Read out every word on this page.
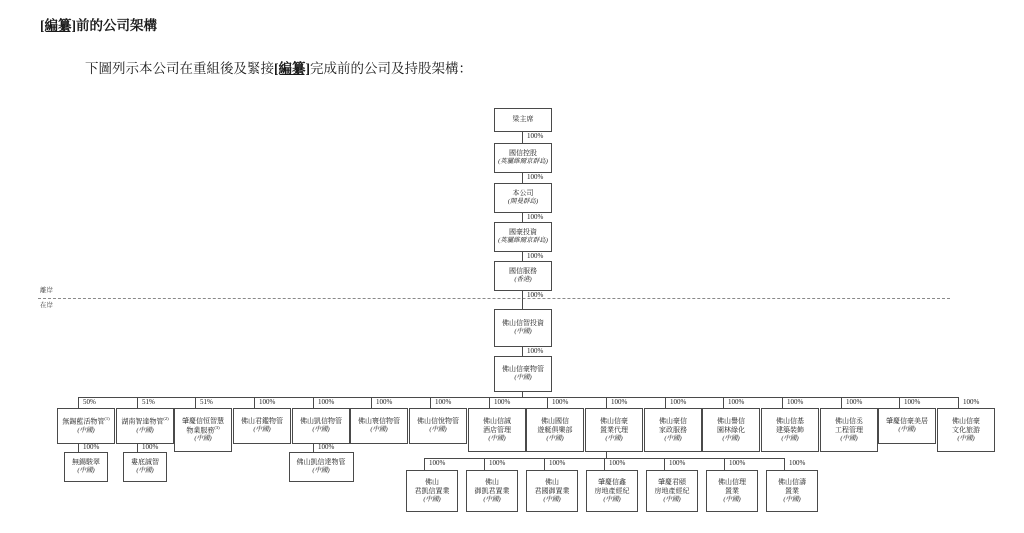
[編纂]前的公司架構
下圖列示本公司在重組後及緊接[編纂]完成前的公司及持股架構：
離岸
在岸
梁主席
100%
國信控股
(英屬維爾京群島)
100%
本公司
(開曼群島)
100%
國豪投資
(英屬維爾京群島)
100%
國信服務
(香港)
100%
佛山信智投資
(中國)
100%
佛山信豪物管
(中國)
50%
無錫藍活物管$^{(1)}$
(中國)
100%
無錫駿翠
(中國)
51%
湖南智達物管$^{(2)}$
(中國)
100%
婁底誠智
(中國)
51%
肇慶信恒智慧
物業服務$^{(3)}$
(中國)
100%
佛山君鑑物管
(中國)
100%
佛山凱信物管
(中國)
100%
佛山凱信達物管
(中國)
100%
佛山寰信物管
(中國)
100%
佛山信悅物管
(中國)
100%
佛山信誠
酒店管理
(中國)
100%
佛山國信
遊艇俱樂部
(中國)
100%
佛山信豪
置業代理
(中國)
100%
佛山
君凱信置業
(中國)
100%
佛山
御凱君置業
(中國)
100%
佛山
君國御置業
(中國)
100%
肇慶信鑫
房地產經紀
(中國)
100%
肇慶君頤
房地產經紀
(中國)
100%
佛山信理
置業
(中國)
100%
佛山信濤
置業
(中國)
100%
佛山豪信
家政服務
(中國)
100%
佛山譽信
園林綠化
(中國)
100%
佛山信基
建築裝飾
(中國)
100%
佛山信丞
工程管理
(中國)
100%
肇慶信豪美居
(中國)
100%
佛山信豪
文化旅游
(中國)
